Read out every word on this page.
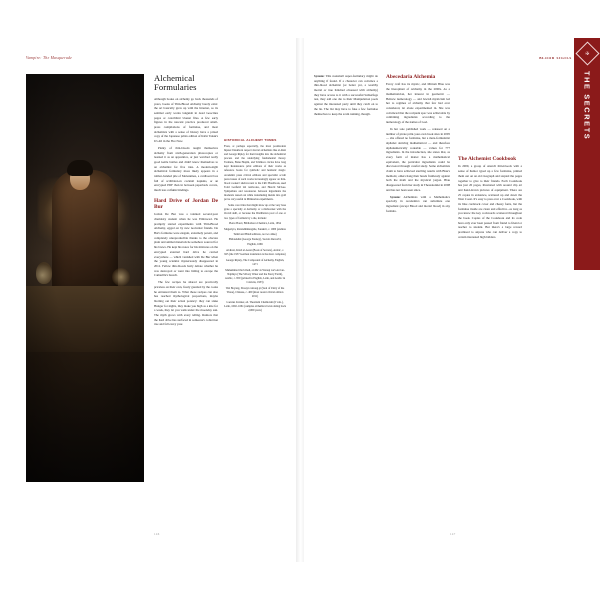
Vampire: The Masquerade
Alchemical Formularies

Although books on alchemy go back thousands of years, books of Thin-Blood Alchemy barely exist: the art basically grew up with the Internet, so its seminal early works languish in dead Geocities pages or colorblind Usenet files. A few early figures in the nascent practice produced small-press compilations of formulae, and most alchemists with a sense of history have a prized copy of the Japanese prints edition of Kirin Tanak's It's All in the Fire Now.

Plenty of thin-bloods taught themselves alchemy from sixth-generation photocopies or learned it as an apprentice, or just watched really good kettle battles and didn't know themselves to an alchemist for five tries. A modern-night alchemical formulary more likely appears in a rubber-banded pile of Moleskines, a cardboard box full of scribbled-on cocktail napkins, or an encrypted PDF than in between paperback covers, much less calfskin bindings.

Hard Drive of Jordan De Bur

Jordan De Bur was a talented second-year chemistry student when he was Embraced. He promptly started experiments with Thin-Blood Alchemy, egged on by new nocturnal friends. De Bur's formulae were elegant, extremely potent, and completely unreproducible thanks to the obscure plant and animal materials he somehow sourced for his brews. He kept his notes for his mixtures on the encrypted external hard drive he carried everywhere — which vanished with De Bur when the young scientist mysteriously disappeared in 2012. Fellow thin-bloods hotly debate whether he was destroyed or went into hiding to escape the Camarilla's breach.

The few recipes he shared are practically priceless on their own, freely guarded by the cooks he entrusted them to. What those recipes can also has reached mythological proportions, maybe blotting out their actual potency: they can slake Hunger for nights, they make you high as a kite for a week, they let you walk under the moonday sun. The myth grows with every telling. Rumors that the hard drive has surfaced in someone's collection rise and fall every year.

HISTORICAL ALCHEMY TOMES

Even, or perhaps especially, the most postmodern hipster Duskborn respect mortal alchemists like al-Razi and George Ripley for their insights into the alchemical process and the underlying fundamental theory. Tremere, Banu Haqim, and Tzimisce circles have long kept Renaissance print editions of their works as reference books for symbolic and hermetic magic. Academic press critical editions and specialist occult press issues of such works increasingly appear on thin-blood cookers' shelves next to the CRC Handbook, used Todd Garfield lab textbooks, and Harold McGee. Sympathies and resonances between ingredients the moderals teased out while transmuting metals into gold prove very useful in Mimsarian experiments.

Some core titles that might show up at the very base grate a specialty at Alchemy or a midworker with the Occult skill, or because the Distillation pool of one or two types of formula by a die, include:

Pierre Borel, Bibliotheca Chemica, Latin, 1654

Mageriyra, Ratandhimangide, Sanskrit, c. 1000 (endless Tamil and Hindi editions, no two alike)

Philotekhni (George Starkey), Secrets Reveal'd, English, 1669

Al-Razi, Kitab al-Asrar (Book of Secrets), Arabic, c. 925 (the 1937 German translation is the most complete)

George Ripley, The Compound of Alchemy, English, 1471

Muhammad ibn Umail, al-Ma' al-Waraqi wa'l-Ard an-Najmiya (The Silvery Water and the Starry Earth), Arabic, c. 950 (printed in English, Latin, and Arabic in Calcutta, 1933)

Wei Boyang, Zhouyi cantong qi (Seal of Unity of the Three), Chinese, c. 400 (most recent critical edition 2011)

Lazarus Zetzner, ed. Theatrum Chemicum (6 vols.), Latin, 1602–1661 (samples alchemical texts dating back 2,000 years)

146
BLOOD SIGILS

System: This nonsmall super-formulary might do anything if found. If a character can convince a thin-blood alchemist (or better yet, a wealthy mortal or true Kindred obsessed with alchemy) they have access to it with a successful Subterfuge test, they add one die to their Manipulation pools against the interested party until they catch on to the lie. The list may have to fake a few formulae themselves to keep the scam running, though.

Abecedaria Alchemia

Every craft has its mystic, and Miriam Blau was the hierophant of Alchemy in the 2000s. As a mathematician, her interest in geometric — Hebrew numerology — and Jewish mysticism led her to regimes of alchemy that few had ever considered, let alone experimented in. She was convinced that the recipient spec was achievable by combining ingredients according to the numerology of the names of God.

In her sole published work — released on a number of pirate print-your-own book sites in 2005 — she offered no formulae, but a meta-formularist alphabet deriving mathematical — and therefore alphanumerically codeable — values for 777 ingredients. In the introduction, she states that, as every form of matter has a mathematical equivalent, the particular ingredients could be discovered through careful study. Some alchemists claim to have achieved startling results with Blau's methods; others hang their heads fruitlessly against both the math and the mystical jargon. Blau disappeared from her study in Thessaloniki in 2008 and has not been seen since.

System: Alchemists with a Mathematics specialty in Academics can substitute one ingredient (except Blood and mortal blood) in any formula.

The Alchemist Cookbook

In 2009, a group of Anarch thin-bloods with a sense of humor typed up a few formulae, printed them out on an old risograph and stapled the pages together to give to their friends. Each Cookbook has just 20 pages, illustrated with around clip art and hand-drawn pictures of equipment. There are 25 copies in existence, scattered up and down the West Coast. It's easy to pass over a Cookbook, with its blue cardstock cover and cheesy fonts, but the formulae inside are clean and effective...as long as you know the key cockwords scattered throughout the book. Copies of the Cookbook and its code have only ever been passed from friend to friend or teacher to student. But there's a large reward promised to anyone who can deliver a copy to certain interested high bidders.

147
✠
THE SECRETS
